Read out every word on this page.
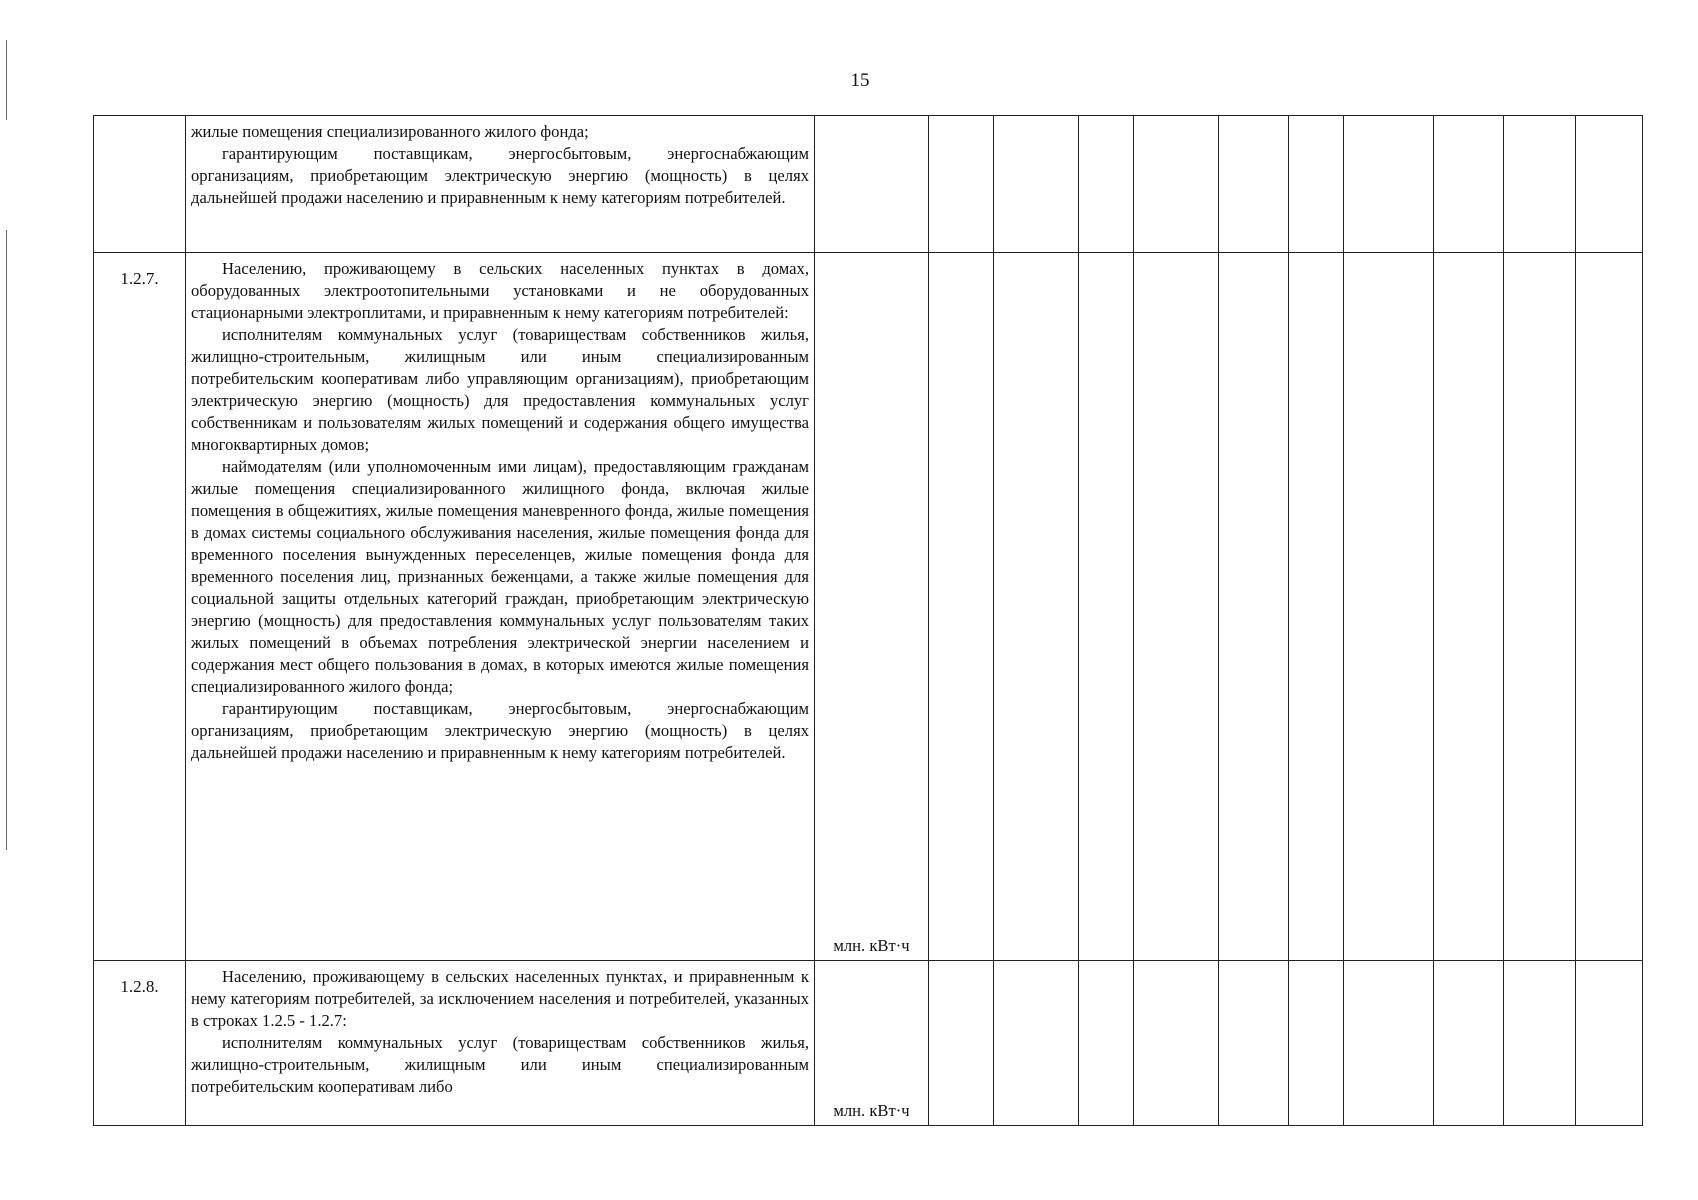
15

	жилые помещения специализированного жилого фонда;

гарантирующим поставщикам, энергосбытовым, энергоснабжающим организациям, приобретающим электрическую энергию (мощность) в целях дальнейшей продажи населению и приравненным к нему категориям потребителей.											

1.2.7.	Населению, проживающему в сельских населенных пунктах в домах, оборудованных электроотопительными установками и не оборудованных стационарными электроплитами, и приравненным к нему категориям потребителей:

исполнителям коммунальных услуг (товариществам собственников жилья, жилищно-строительным, жилищным или иным специализированным потребительским кооперативам либо управляющим организациям), приобретающим электрическую энергию (мощность) для предоставления коммунальных услуг собственникам и пользователям жилых помещений и содержания общего имущества многоквартирных домов;

наймодателям (или уполномоченным ими лицам), предоставляющим гражданам жилые помещения специализированного жилищного фонда, включая жилые помещения в общежитиях, жилые помещения маневренного фонда, жилые помещения в домах системы социального обслуживания населения, жилые помещения фонда для временного поселения вынужденных переселенцев, жилые помещения фонда для временного поселения лиц, признанных беженцами, а также жилые помещения для социальной защиты отдельных категорий граждан, приобретающим электрическую энергию (мощность) для предоставления коммунальных услуг пользователям таких жилых помещений в объемах потребления электрической энергии населением и содержания мест общего пользования в домах, в которых имеются жилые помещения специализированного жилого фонда;

гарантирующим поставщикам, энергосбытовым, энергоснабжающим организациям, приобретающим электрическую энергию (мощность) в целях дальнейшей продажи населению и приравненным к нему категориям потребителей.	млн. кВт·ч										
1.2.8.	Населению, проживающему в сельских населенных пунктах, и приравненным к нему категориям потребителей, за исключением населения и потребителей, указанных в строках 1.2.5 - 1.2.7:

исполнителям коммунальных услуг (товариществам собственников жилья, жилищно-строительным, жилищным или иным специализированным потребительским кооперативам либо	млн. кВт·ч										
